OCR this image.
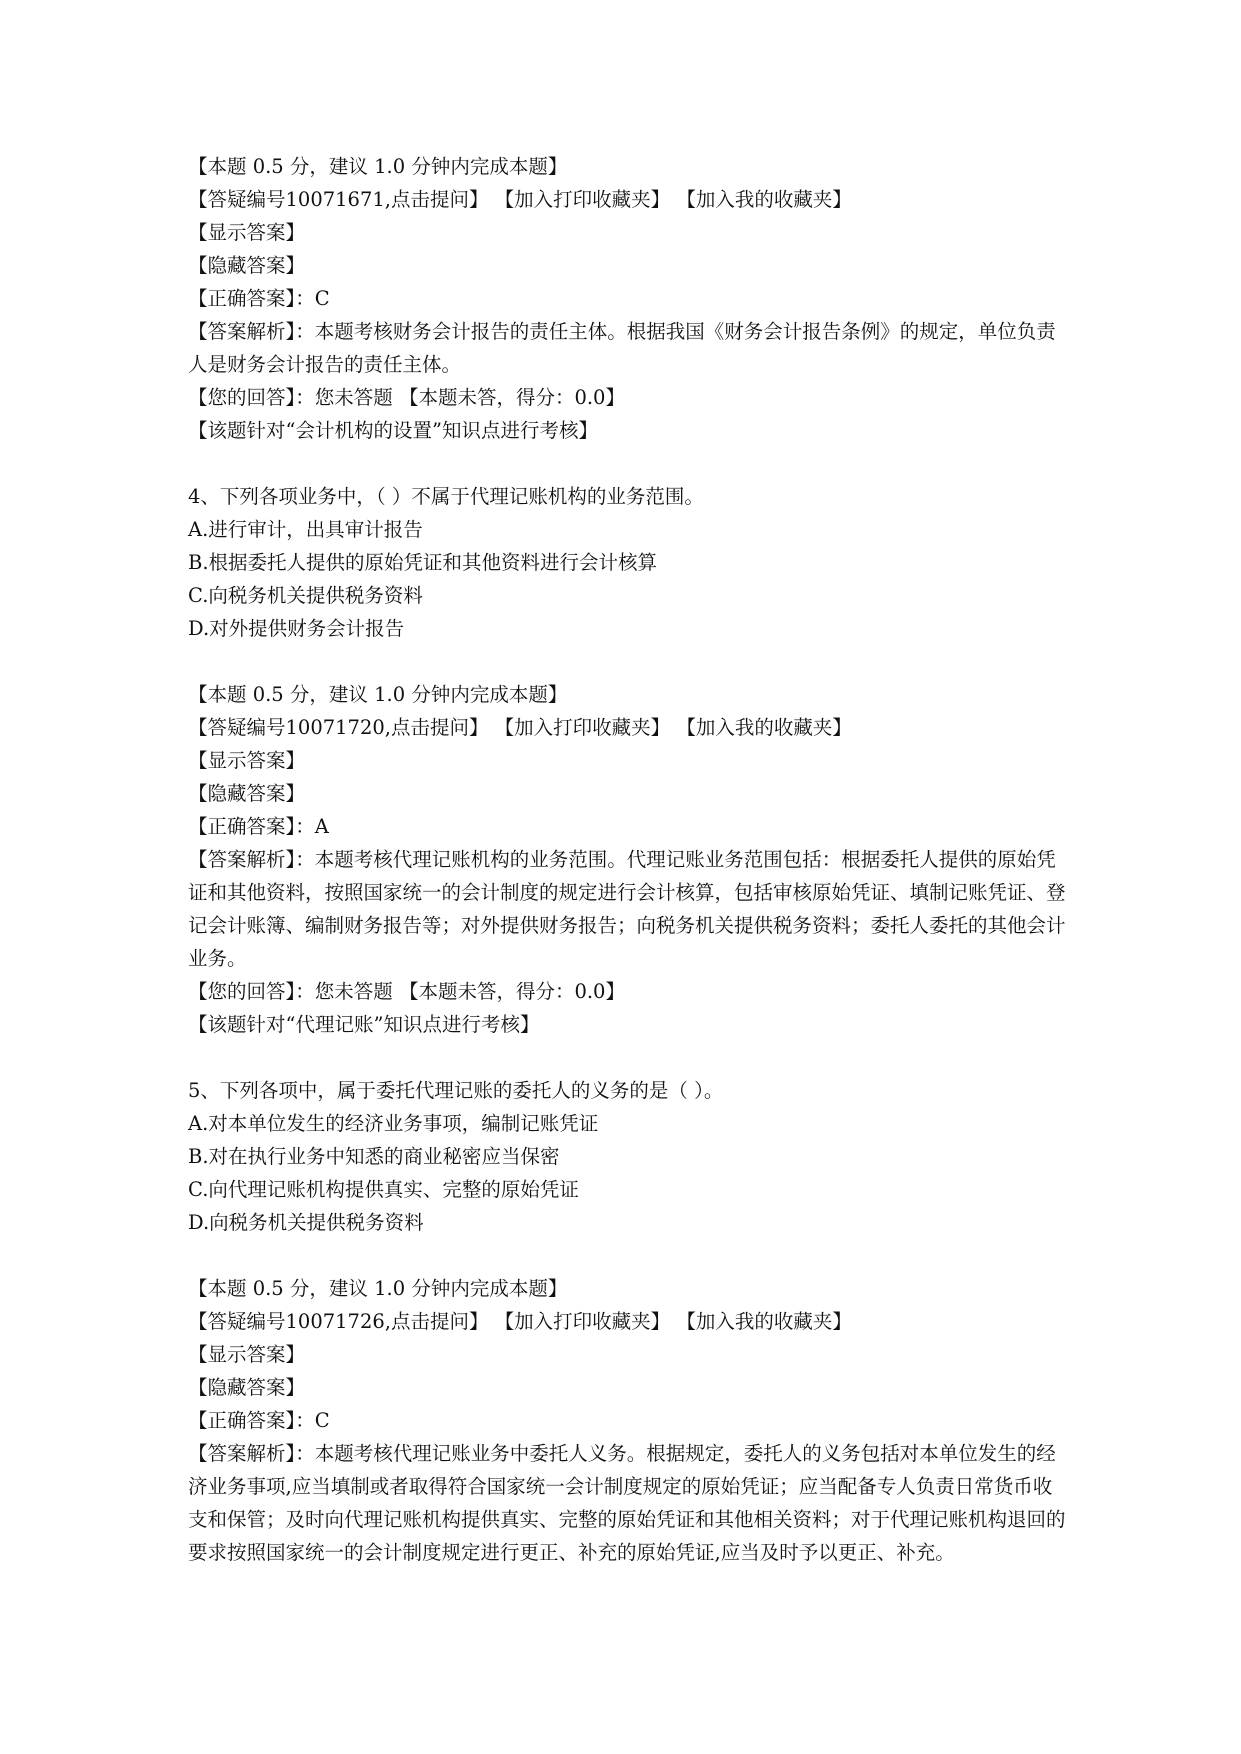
【本题 0.5 分，建议 1.0 分钟内完成本题】
【答疑编号10071671,点击提问】 【加入打印收藏夹】 【加入我的收藏夹】
【显示答案】
【隐藏答案】
【正确答案】：C
【答案解析】：本题考核财务会计报告的责任主体。根据我国《财务会计报告条例》的规定，单位负责人是财务会计报告的责任主体。
【您的回答】：您未答题 【本题未答，得分：0.0】
【该题针对“会计机构的设置”知识点进行考核】
4、下列各项业务中，（ ）不属于代理记账机构的业务范围。
A.进行审计，出具审计报告
B.根据委托人提供的原始凭证和其他资料进行会计核算
C.向税务机关提供税务资料
D.对外提供财务会计报告
【本题 0.5 分，建议 1.0 分钟内完成本题】
【答疑编号10071720,点击提问】 【加入打印收藏夹】 【加入我的收藏夹】
【显示答案】
【隐藏答案】
【正确答案】：A
【答案解析】：本题考核代理记账机构的业务范围。代理记账业务范围包括：根据委托人提供的原始凭证和其他资料，按照国家统一的会计制度的规定进行会计核算，包括审核原始凭证、填制记账凭证、登记会计账簿、编制财务报告等；对外提供财务报告；向税务机关提供税务资料；委托人委托的其他会计业务。
【您的回答】：您未答题 【本题未答，得分：0.0】
【该题针对“代理记账”知识点进行考核】
5、下列各项中，属于委托代理记账的委托人的义务的是（ ）。
A.对本单位发生的经济业务事项，编制记账凭证
B.对在执行业务中知悉的商业秘密应当保密
C.向代理记账机构提供真实、完整的原始凭证
D.向税务机关提供税务资料
【本题 0.5 分，建议 1.0 分钟内完成本题】
【答疑编号10071726,点击提问】 【加入打印收藏夹】 【加入我的收藏夹】
【显示答案】
【隐藏答案】
【正确答案】：C
【答案解析】：本题考核代理记账业务中委托人义务。根据规定，委托人的义务包括对本单位发生的经济业务事项,应当填制或者取得符合国家统一会计制度规定的原始凭证；应当配备专人负责日常货币收支和保管；及时向代理记账机构提供真实、完整的原始凭证和其他相关资料；对于代理记账机构退回的要求按照国家统一的会计制度规定进行更正、补充的原始凭证,应当及时予以更正、补充。
